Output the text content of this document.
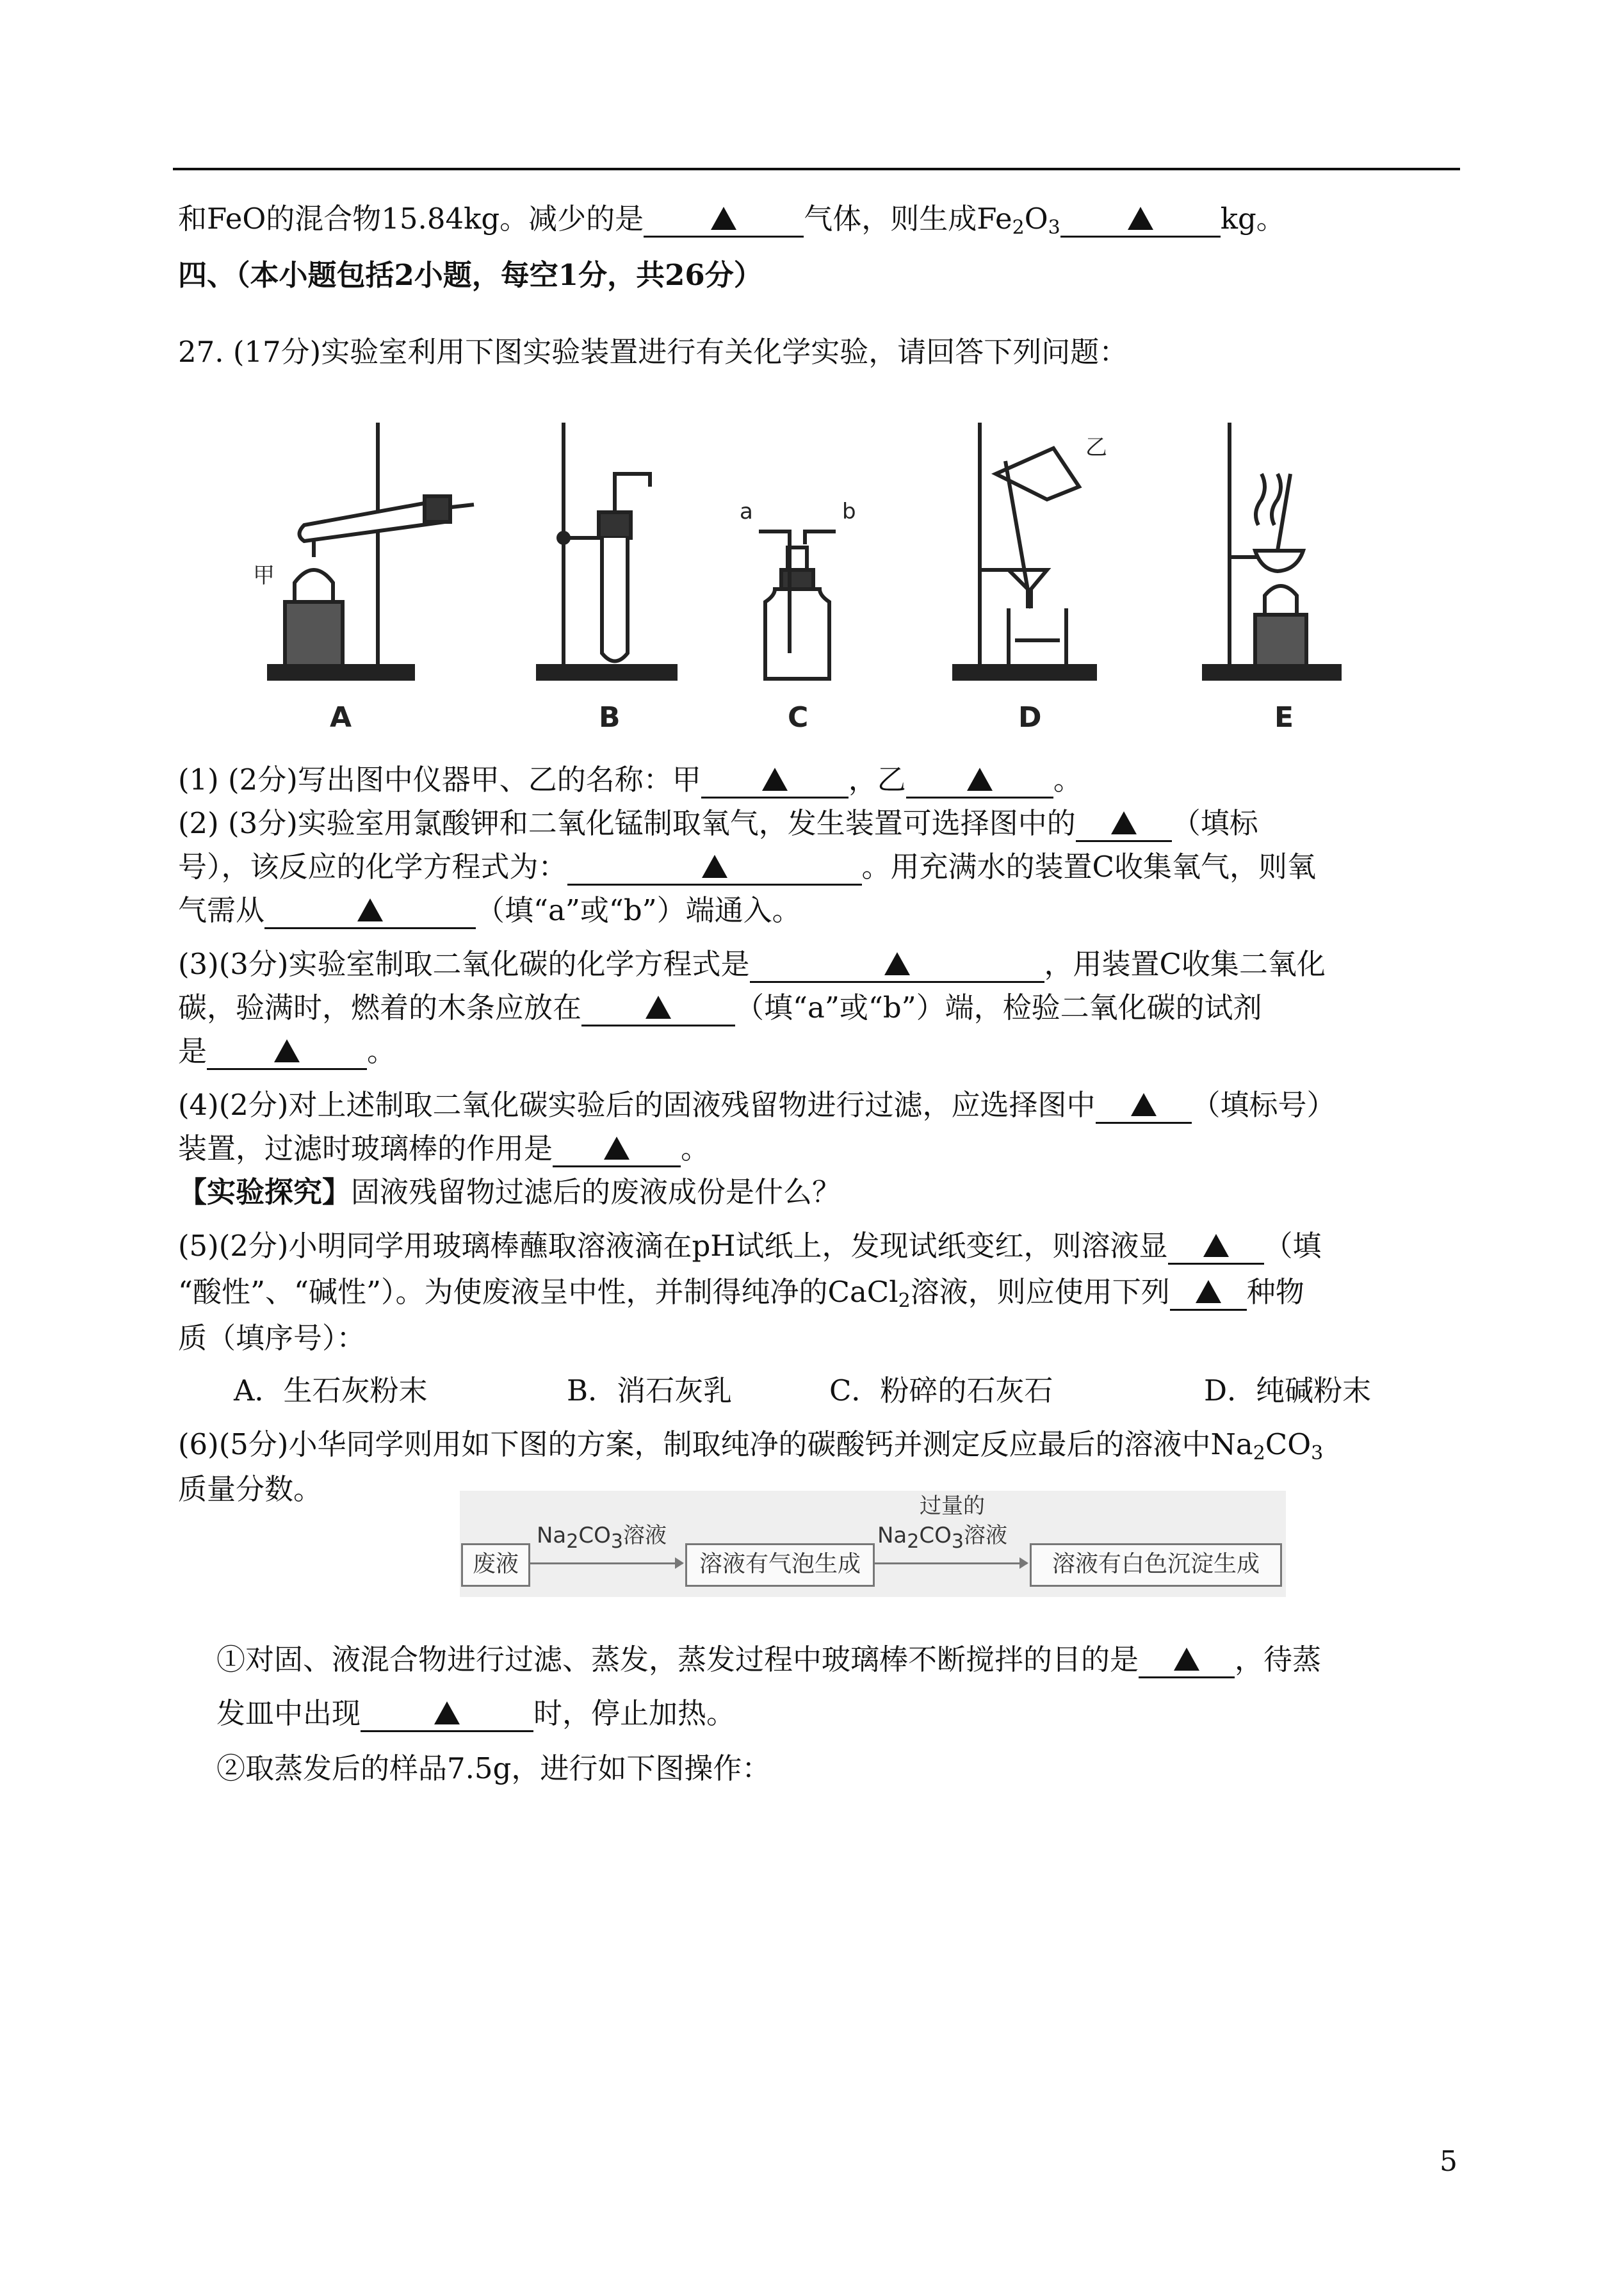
和FeO的混合物15.84kg。减少的是	气体，则生成$Fe_2O_3$	kg。
四、（本小题包括2小题，每空1分，共26分）
27. (17分)实验室利用下图实验装置进行有关化学实验，请回答下列问题：
A	B	C	D	E
甲
乙
a	b
(1) (2分)写出图中仪器甲、乙的名称：甲	，乙	。
(2) (3分)实验室用氯酸钾和二氧化锰制取氧气，发生装置可选择图中的	（填标
号），该反应的化学方程式为：	。用充满水的装置C收集氧气，则氧
气需从	（填“a”或“b”）端通入。
(3)(3分)实验室制取二氧化碳的化学方程式是	，用装置C收集二氧化
碳，验满时，燃着的木条应放在	（填“a”或“b”）端，检验二氧化碳的试剂
是	。
(4)(2分)对上述制取二氧化碳实验后的固液残留物进行过滤，应选择图中	（填标号）
装置，过滤时玻璃棒的作用是	。
【实验探究】固液残留物过滤后的废液成份是什么？
(5)(2分)小明同学用玻璃棒蘸取溶液滴在pH试纸上，发现试纸变红，则溶液显	（填
“酸性”、“碱性”）。为使废液呈中性，并制得纯净的CaCl$_2$溶液，则应使用下列	种物
质（填序号）：
A．生石灰粉末	B．消石灰乳	C．粉碎的石灰石	D．纯碱粉末
(6)(5分)小华同学则用如下图的方案，制取纯净的碳酸钙并测定反应最后的溶液中$Na_2CO_3$
质量分数。
废液
$Na_2CO_3$溶液
溶液有气泡生成
过量的
$Na_2CO_3$溶液
溶液有白色沉淀生成
①对固、液混合物进行过滤、蒸发，蒸发过程中玻璃棒不断搅拌的目的是	，待蒸
发皿中出现	时，停止加热。
②取蒸发后的样品7.5g，进行如下图操作：
5
